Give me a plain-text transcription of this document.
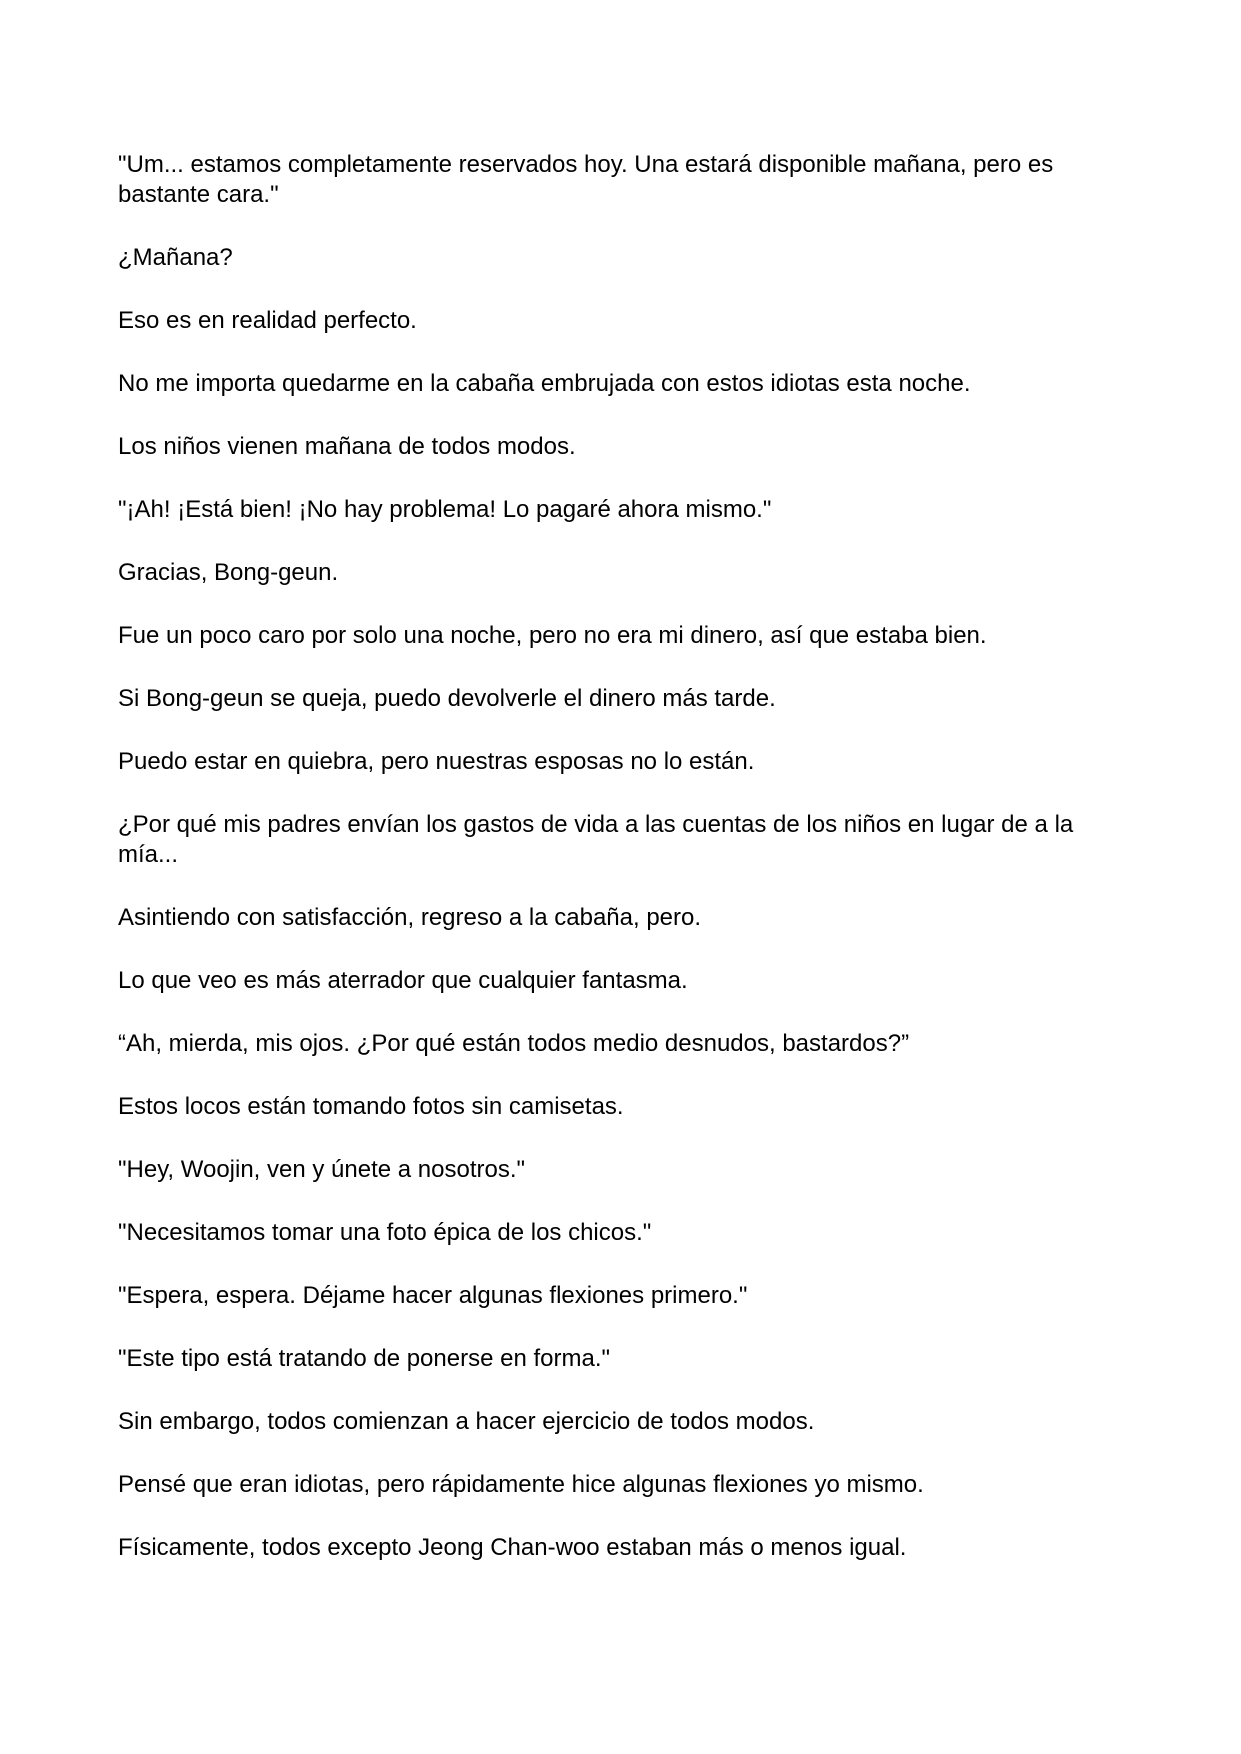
"Um... estamos completamente reservados hoy. Una estará disponible mañana, pero es bastante cara."

¿Mañana?

Eso es en realidad perfecto.

No me importa quedarme en la cabaña embrujada con estos idiotas esta noche.

Los niños vienen mañana de todos modos.

"¡Ah! ¡Está bien! ¡No hay problema! Lo pagaré ahora mismo."

Gracias, Bong-geun.

Fue un poco caro por solo una noche, pero no era mi dinero, así que estaba bien.

Si Bong-geun se queja, puedo devolverle el dinero más tarde.

Puedo estar en quiebra, pero nuestras esposas no lo están.

¿Por qué mis padres envían los gastos de vida a las cuentas de los niños en lugar de a la mía...

Asintiendo con satisfacción, regreso a la cabaña, pero.

Lo que veo es más aterrador que cualquier fantasma.

“Ah, mierda, mis ojos. ¿Por qué están todos medio desnudos, bastardos?”

Estos locos están tomando fotos sin camisetas.

"Hey, Woojin, ven y únete a nosotros."

"Necesitamos tomar una foto épica de los chicos."

"Espera, espera. Déjame hacer algunas flexiones primero."

"Este tipo está tratando de ponerse en forma."

Sin embargo, todos comienzan a hacer ejercicio de todos modos.

Pensé que eran idiotas, pero rápidamente hice algunas flexiones yo mismo.

Físicamente, todos excepto Jeong Chan-woo estaban más o menos igual.
